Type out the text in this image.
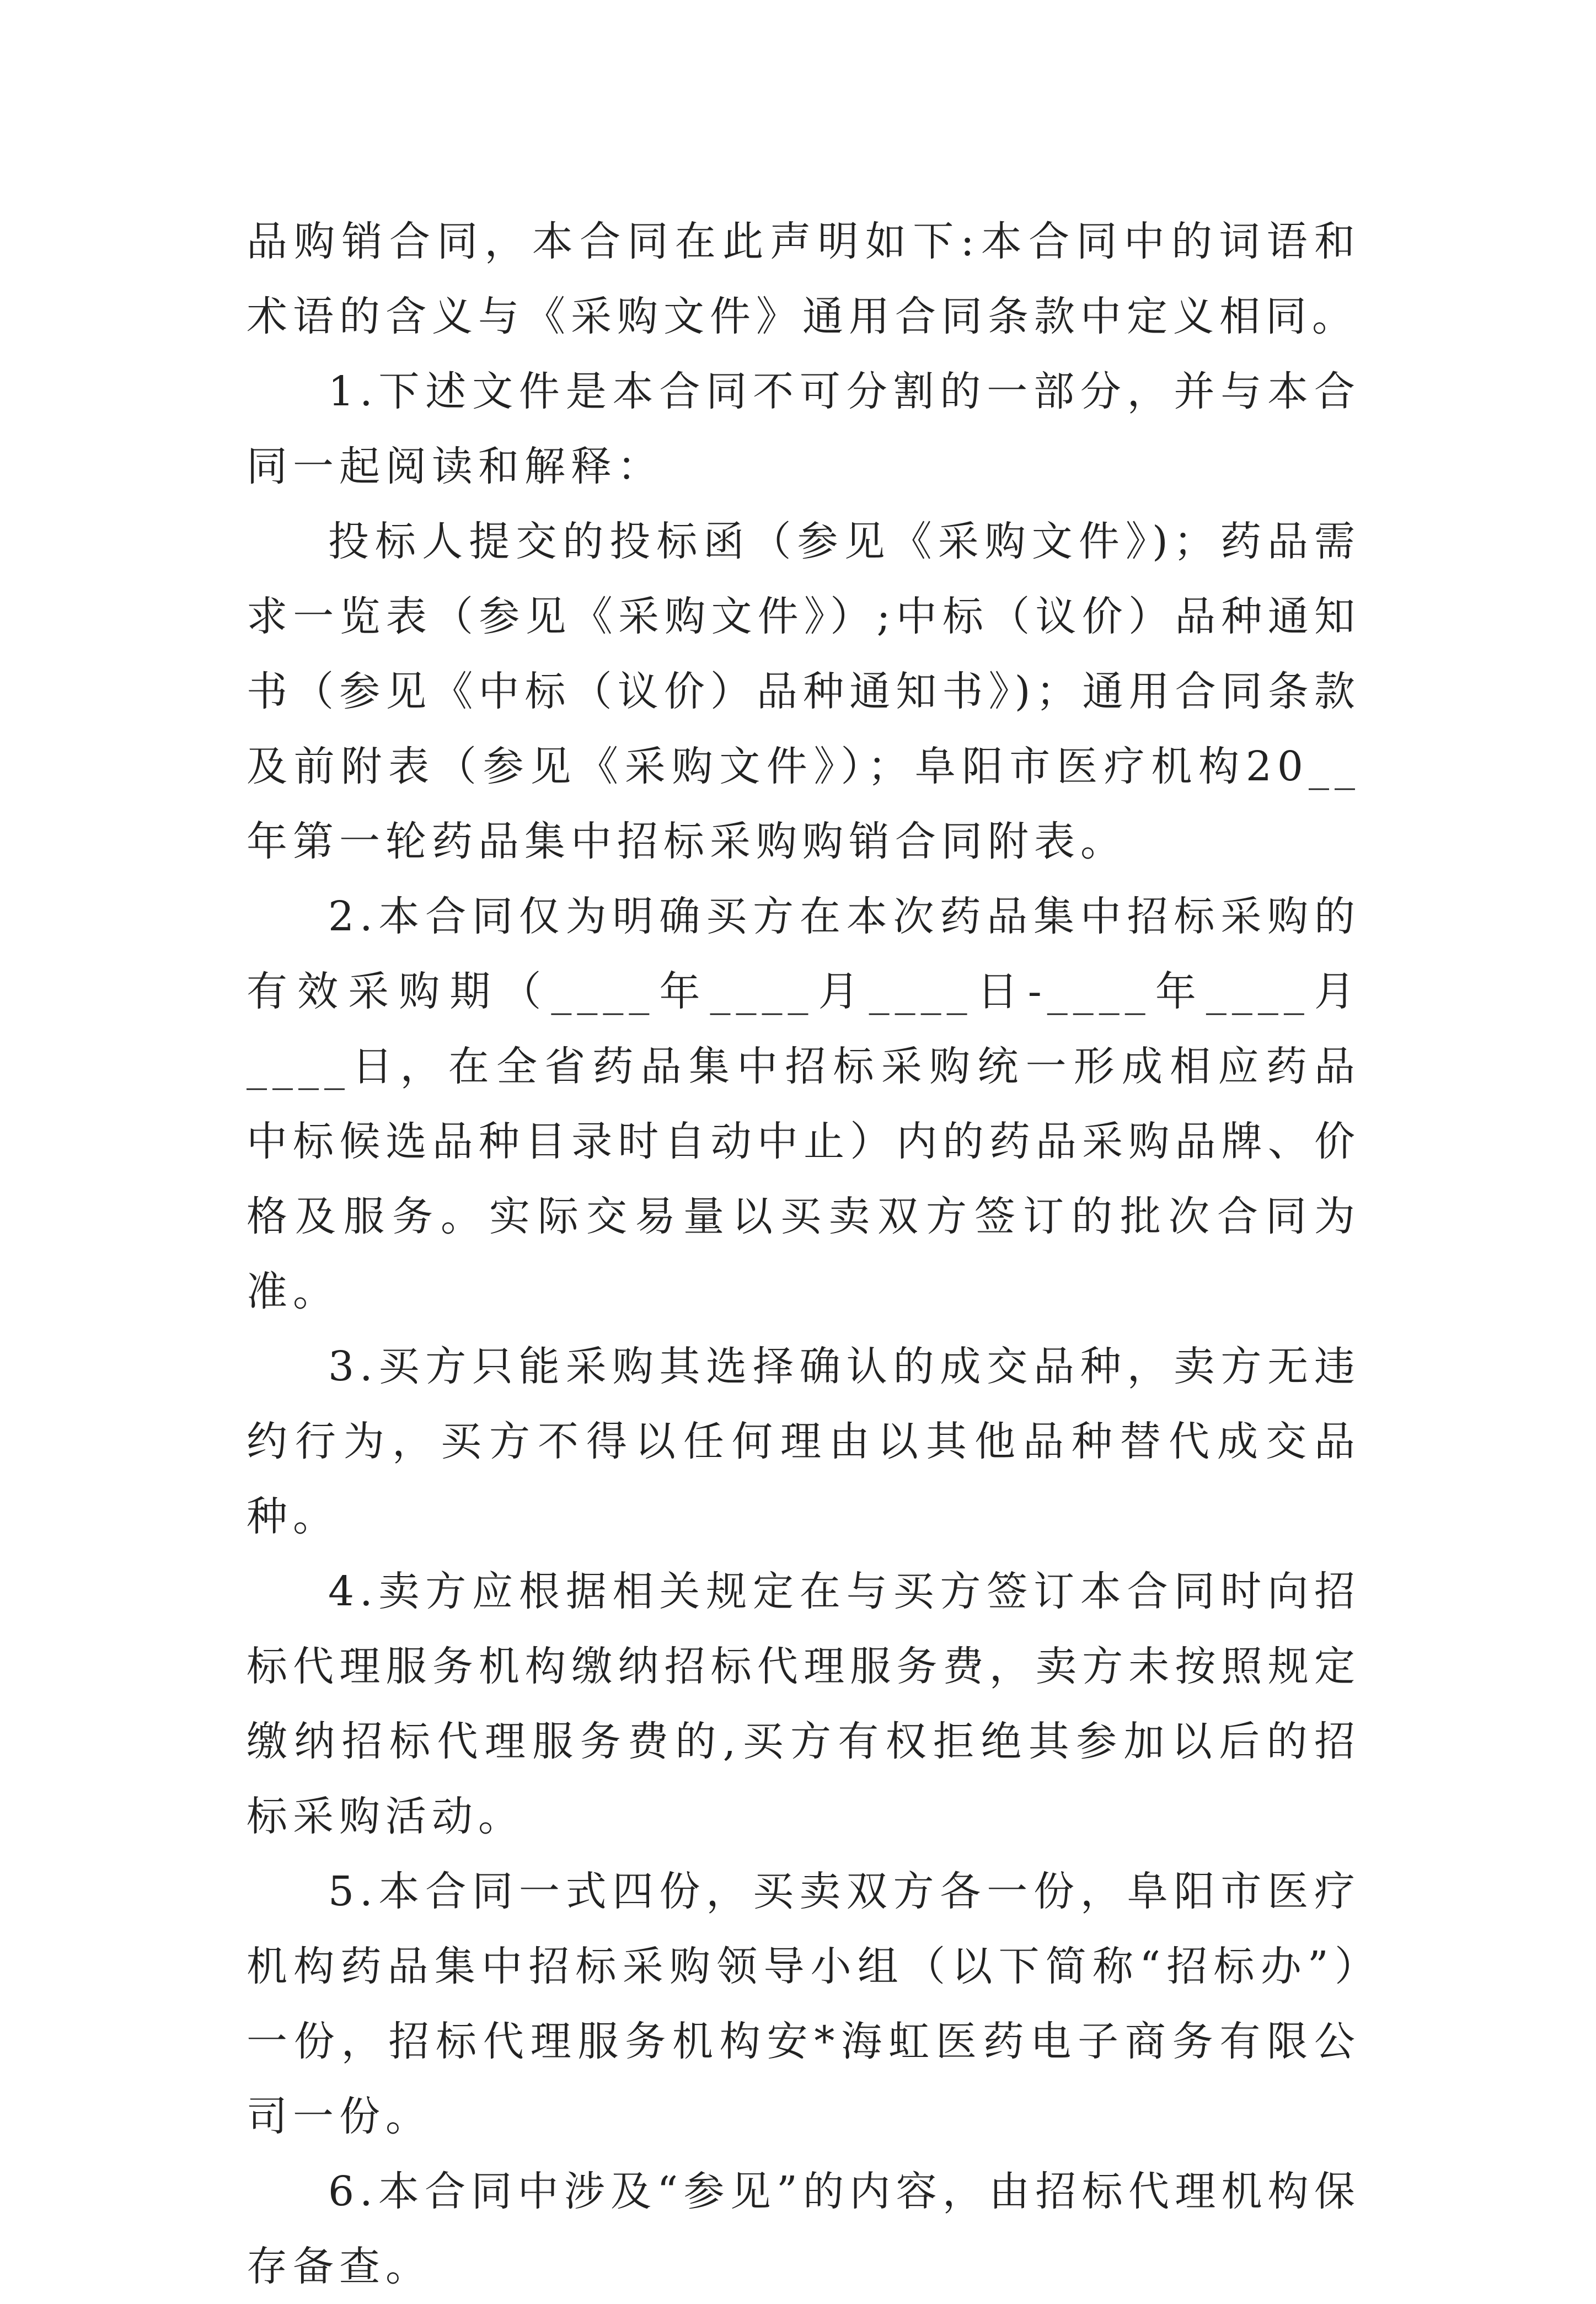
品购销合同，本合同在此声明如下:本合同中的词语和术语的含义与《采购文件》通用合同条款中定义相同。

1.下述文件是本合同不可分割的一部分，并与本合同一起阅读和解释：

投标人提交的投标函（参见《采购文件》)；药品需求一览表（参见《采购文件》）;中标（议价）品种通知书（参见《中标（议价）品种通知书》)；通用合同条款及前附表（参见《采购文件》）；阜阳市医疗机构20__年第一轮药品集中招标采购购销合同附表。

2.本合同仅为明确买方在本次药品集中招标采购的有效采购期（____年____月____日-____年____月____日，在全省药品集中招标采购统一形成相应药品中标候选品种目录时自动中止）内的药品采购品牌、价格及服务。实际交易量以买卖双方签订的批次合同为准。

3.买方只能采购其选择确认的成交品种，卖方无违约行为，买方不得以任何理由以其他品种替代成交品种。

4.卖方应根据相关规定在与买方签订本合同时向招标代理服务机构缴纳招标代理服务费，卖方未按照规定缴纳招标代理服务费的,买方有权拒绝其参加以后的招标采购活动。

5.本合同一式四份，买卖双方各一份，阜阳市医疗机构药品集中招标采购领导小组（以下简称“招标办”）一份，招标代理服务机构安*海虹医药电子商务有限公司一份。

6.本合同中涉及“参见”的内容，由招标代理机构保存备查。
